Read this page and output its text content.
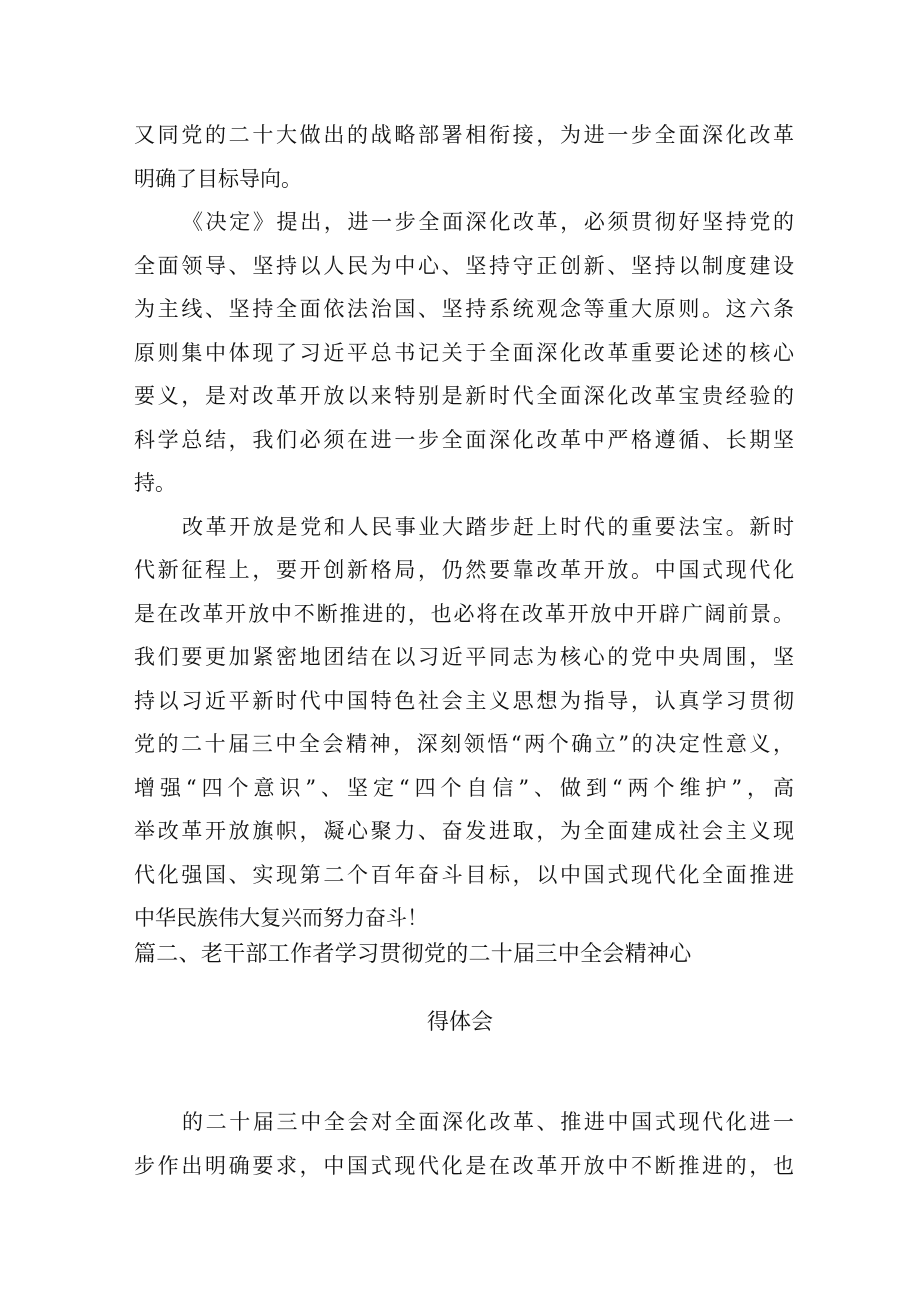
又同党的二十大做出的战略部署相衔接，为进一步全面深化改革
明确了目标导向。
《决定》提出，进一步全面深化改革，必须贯彻好坚持党的
全面领导、坚持以人民为中心、坚持守正创新、坚持以制度建设
为主线、坚持全面依法治国、坚持系统观念等重大原则。这六条
原则集中体现了习近平总书记关于全面深化改革重要论述的核心
要义，是对改革开放以来特别是新时代全面深化改革宝贵经验的
科学总结，我们必须在进一步全面深化改革中严格遵循、长期坚
持。
改革开放是党和人民事业大踏步赶上时代的重要法宝。新时
代新征程上，要开创新格局，仍然要靠改革开放。中国式现代化
是在改革开放中不断推进的，也必将在改革开放中开辟广阔前景。
我们要更加紧密地团结在以习近平同志为核心的党中央周围，坚
持以习近平新时代中国特色社会主义思想为指导，认真学习贯彻
党的二十届三中全会精神，深刻领悟“两个确立”的决定性意义，
增强“四个意识”、坚定“四个自信”、做到“两个维护”，高
举改革开放旗帜，凝心聚力、奋发进取，为全面建成社会主义现
代化强国、实现第二个百年奋斗目标，以中国式现代化全面推进
中华民族伟大复兴而努力奋斗！
篇二、老干部工作者学习贯彻党的二十届三中全会精神心
得体会
的二十届三中全会对全面深化改革、推进中国式现代化进一
步作出明确要求，中国式现代化是在改革开放中不断推进的，也
